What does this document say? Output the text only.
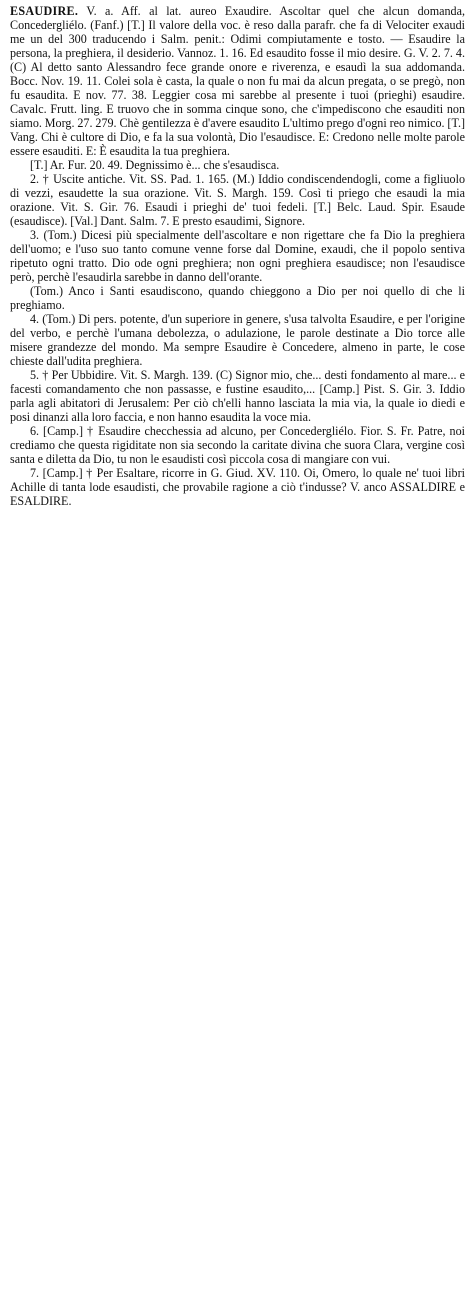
ESAUDIRE. V. a. Aff. al lat. aureo Exaudire. Ascoltar quel che alcun domanda, Concedergliélo. (Fanf.) [T.] Il valore della voc. è reso dalla parafr. che fa di Velociter exaudi me un del 300 traducendo i Salm. penit.: Odimi compiutamente e tosto. — Esaudire la persona, la preghiera, il desiderio. Vannoz. 1. 16. Ed esaudito fosse il mio desire. G. V. 2. 7. 4. (C) Al detto santo Alessandro fece grande onore e riverenza, e esaudì la sua addomanda. Bocc. Nov. 19. 11. Colei sola è casta, la quale o non fu mai da alcun pregata, o se pregò, non fu esaudita. E nov. 77. 38. Leggier cosa mi sarebbe al presente i tuoi (prieghi) esaudire. Cavalc. Frutt. ling. E truovo che in somma cinque sono, che c'impediscono che esauditi non siamo. Morg. 27. 279. Chè gentilezza è d'avere esaudito L'ultimo prego d'ogni reo nimico. [T.] Vang. Chi è cultore di Dio, e fa la sua volontà, Dio l'esaudisce. E: Credono nelle molte parole essere esauditi. E: È esaudita la tua preghiera.

[T.] Ar. Fur. 20. 49. Degnissimo è... che s'esaudisca.

2. † Uscite antiche. Vit. SS. Pad. 1. 165. (M.) Iddio condiscendendogli, come a figliuolo di vezzi, esaudette la sua orazione. Vit. S. Margh. 159. Così ti priego che esaudi la mia orazione. Vit. S. Gir. 76. Esaudi i prieghi de' tuoi fedeli. [T.] Belc. Laud. Spir. Esaude (esaudisce). [Val.] Dant. Salm. 7. E presto esaudimi, Signore.

3. (Tom.) Dicesi più specialmente dell'ascoltare e non rigettare che fa Dio la preghiera dell'uomo; e l'uso suo tanto comune venne forse dal Domine, exaudi, che il popolo sentiva ripetuto ogni tratto. Dio ode ogni preghiera; non ogni preghiera esaudisce; non l'esaudisce però, perchè l'esaudirla sarebbe in danno dell'orante.

(Tom.) Anco i Santi esaudiscono, quando chieggono a Dio per noi quello di che li preghiamo.

4. (Tom.) Di pers. potente, d'un superiore in genere, s'usa talvolta Esaudire, e per l'origine del verbo, e perchè l'umana debolezza, o adulazione, le parole destinate a Dio torce alle misere grandezze del mondo. Ma sempre Esaudire è Concedere, almeno in parte, le cose chieste dall'udita preghiera.

5. † Per Ubbidire. Vit. S. Margh. 139. (C) Signor mio, che... desti fondamento al mare... e facesti comandamento che non passasse, e fustine esaudito,... [Camp.] Pist. S. Gir. 3. Iddio parla agli abitatori di Jerusalem: Per ciò ch'elli hanno lasciata la mia via, la quale io diedi e posi dinanzi alla loro faccia, e non hanno esaudita la voce mia.

6. [Camp.] † Esaudire checchessia ad alcuno, per Concedergliélo. Fior. S. Fr. Patre, noi crediamo che questa rigiditate non sia secondo la caritate divina che suora Clara, vergine così santa e diletta da Dio, tu non le esaudisti così piccola cosa di mangiare con vui.

7. [Camp.] † Per Esaltare, ricorre in G. Giud. XV. 110. Oi, Omero, lo quale ne' tuoi libri Achille di tanta lode esaudisti, che provabile ragione a ciò t'indusse? V. anco ASSALDIRE e ESALDIRE.
